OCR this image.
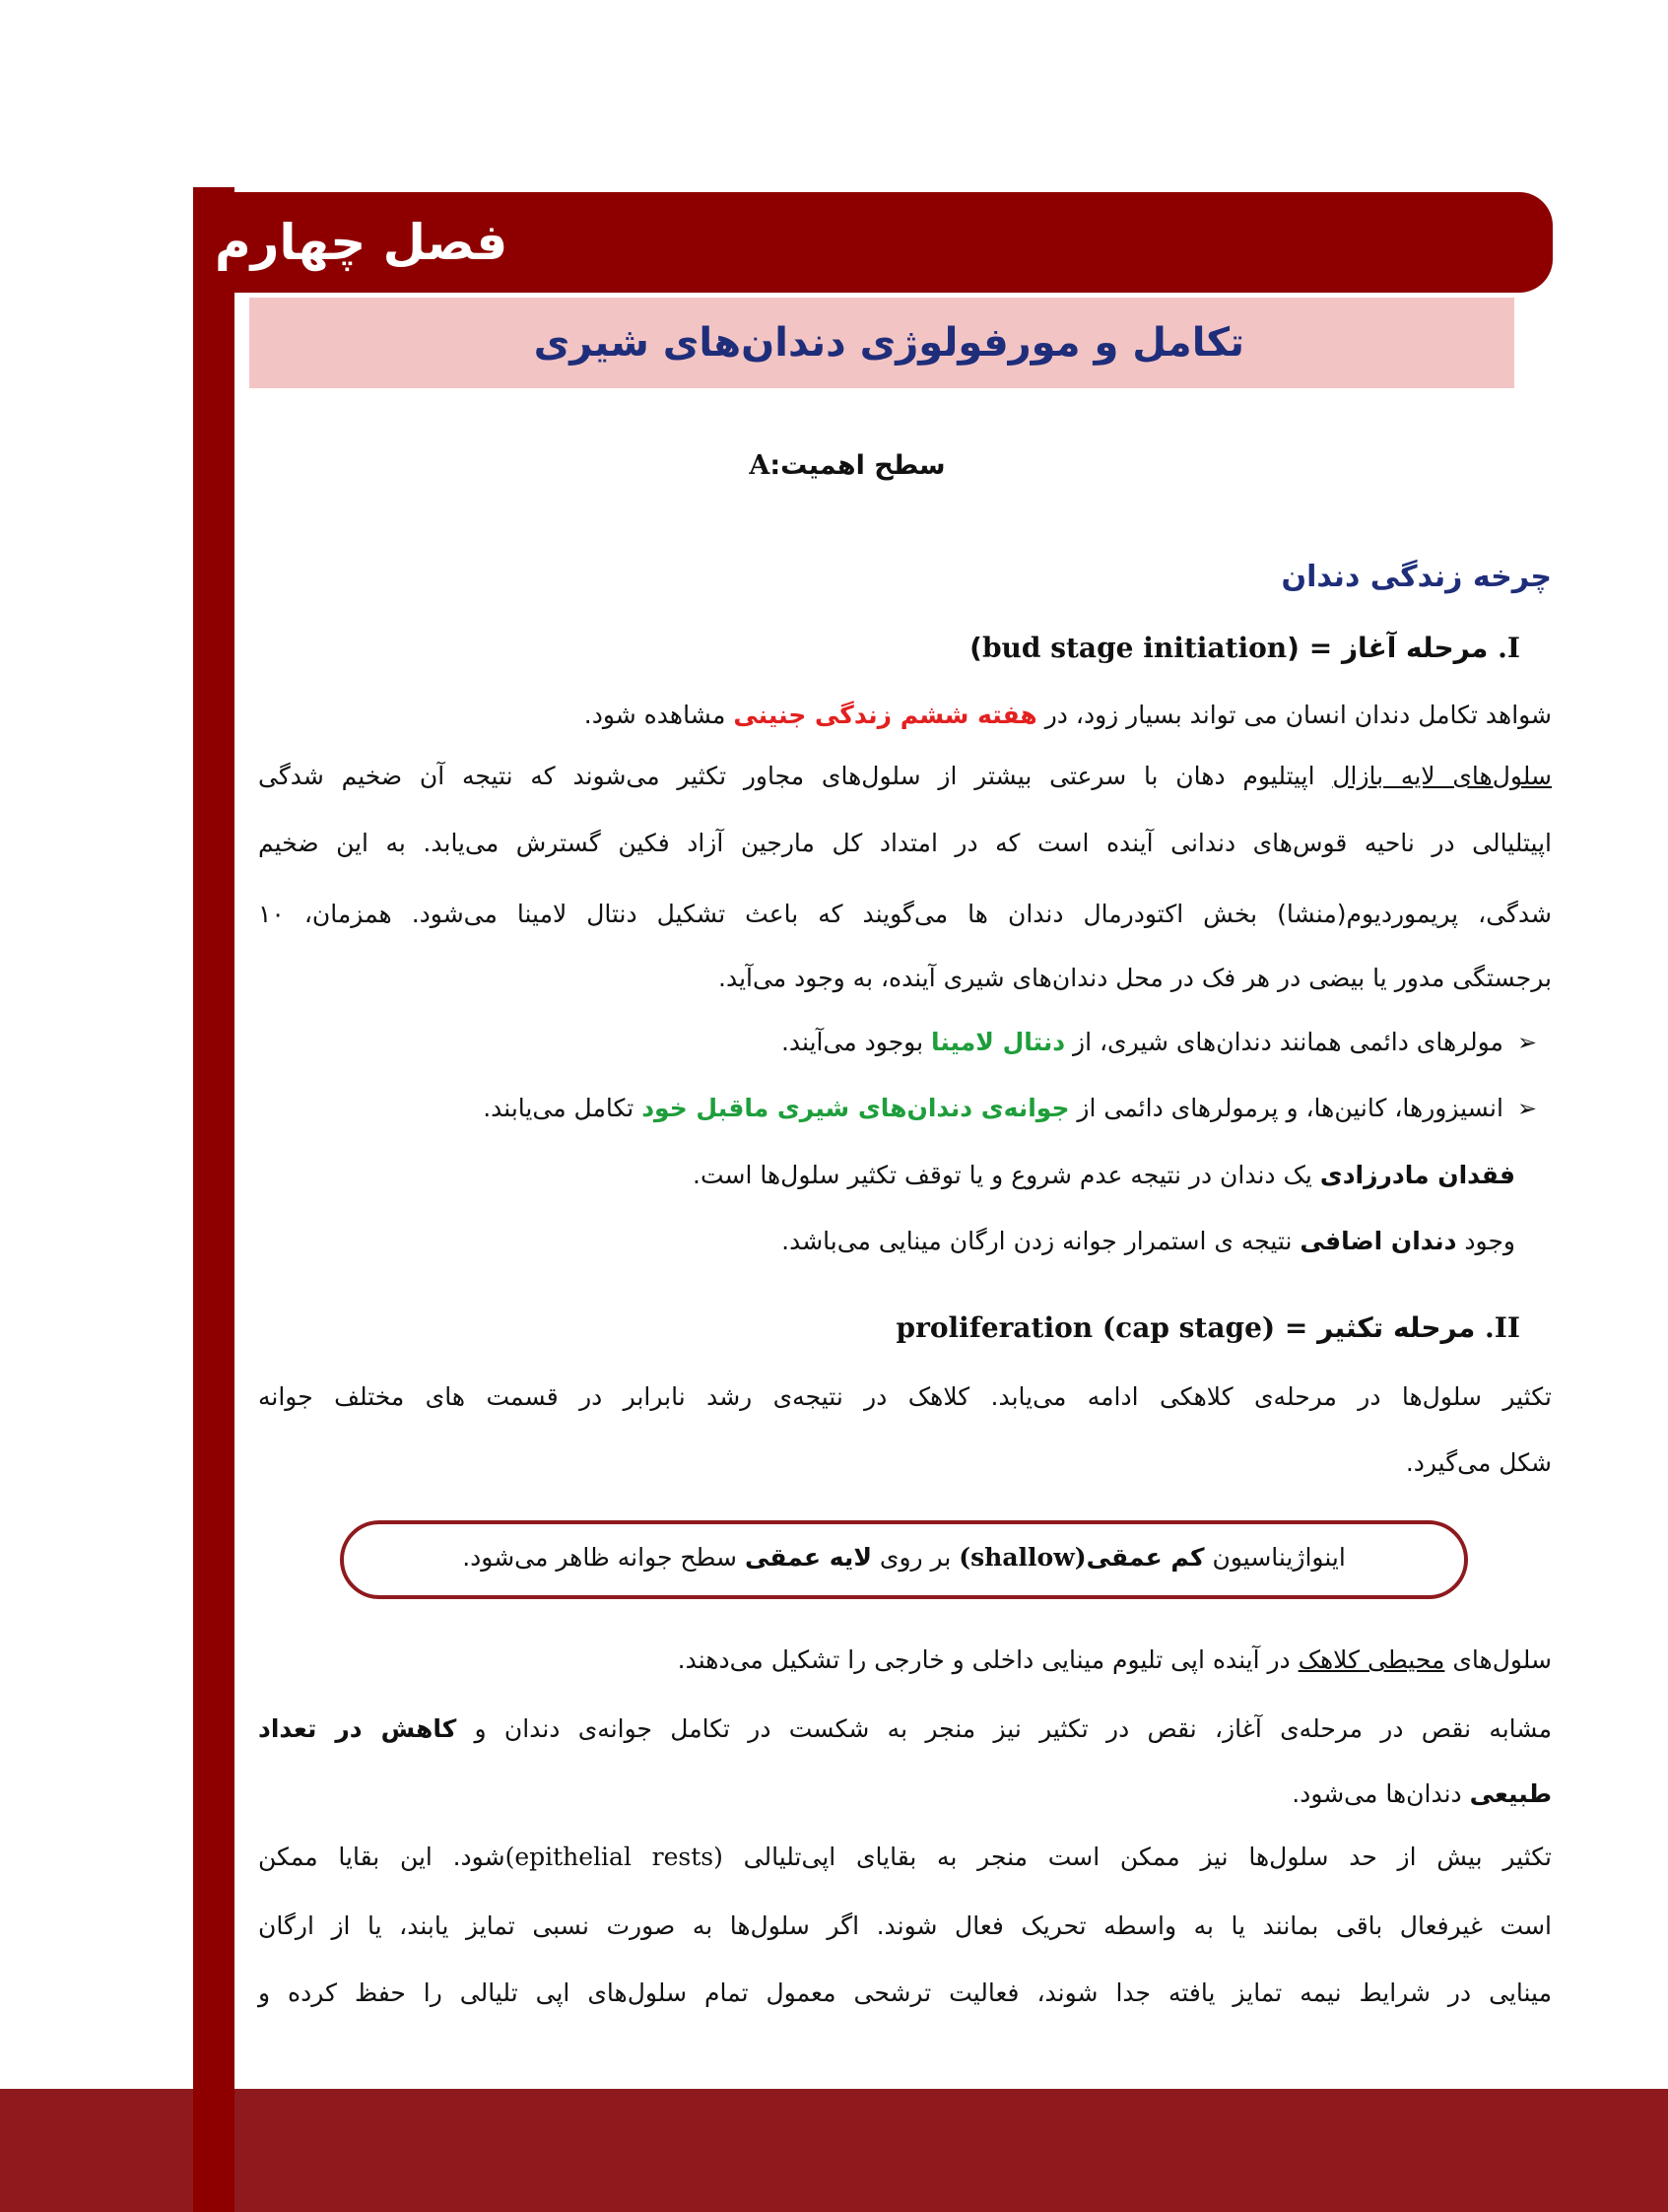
فصل چهارم
تکامل و مورفولوژی دندان‌های شیری
سطح اهمیت:A
چرخه زندگی دندان
I. مرحله آغاز = (bud stage initiation)
شواهد تکامل دندان انسان می تواند بسیار زود، در هفته ششم زندگی جنینی مشاهده شود.
سلول‌های لایه بازال اپیتلیوم دهان با سرعتی بیشتر از سلول‌های مجاور تکثیر می‌شوند که نتیجه آن ضخیم شدگی
اپیتلیالی در ناحیه قوس‌های دندانی آینده است که در امتداد کل مارجین آزاد فکین گسترش می‌یابد. به این ضخیم
شدگی، پریموردیوم(منشا) بخش اکتودرمال دندان ها می‌گویند که باعث تشکیل دنتال لامینا می‌شود. همزمان، ۱۰
برجستگی مدور یا بیضی در هر فک در محل دندان‌های شیری آینده، به وجود می‌آید.
➢مولرهای دائمی همانند دندان‌های شیری، از دنتال لامینا بوجود می‌آیند.
➢انسیزورها، کانین‌ها، و پرمولرهای دائمی از جوانه‌ی دندان‌های شیری ماقبل خود تکامل می‌یابند.
فقدان مادرزادی یک دندان در نتیجه عدم شروع و یا توقف تکثیر سلول‌ها است.
وجود دندان اضافی نتیجه ی استمرار جوانه زدن ارگان مینایی می‌باشد.
II. مرحله تکثیر = proliferation (cap stage)
تکثیر سلول‌ها در مرحله‌ی کلاهکی ادامه می‌یابد. کلاهک در نتیجه‌ی رشد نابرابر در قسمت های مختلف جوانه
شکل می‌گیرد.
اینواژیناسیون کم عمقی(shallow) بر روی لایه عمقی سطح جوانه ظاهر می‌شود.
سلول‌های محیطی کلاهک در آینده اپی تلیوم مینایی داخلی و خارجی را تشکیل می‌دهند.
مشابه نقص در مرحله‌ی آغاز، نقص در تکثیر نیز منجر به شکست در تکامل جوانه‌ی دندان و کاهش در تعداد
طبیعی دندان‌ها می‌شود.
تکثیر بیش از حد سلول‌ها نیز ممکن است منجر به بقایای اپی‌تلیالی (epithelial rests)شود. این بقایا ممکن
است غیرفعال باقی بمانند یا به واسطه تحریک فعال شوند. اگر سلول‌ها به صورت نسبی تمایز یابند، یا از ارگان
مینایی در شرایط نیمه تمایز یافته جدا شوند، فعالیت ترشحی معمول تمام سلول‌های اپی تلیالی را حفظ کرده و
